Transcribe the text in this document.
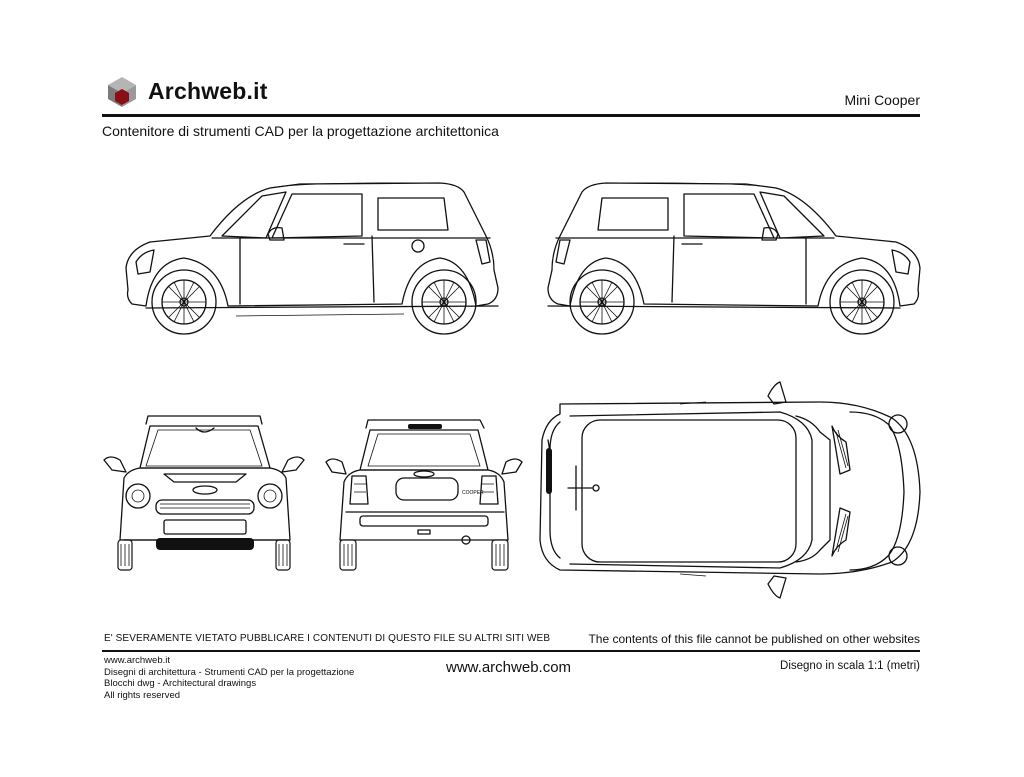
Archweb.it	Mini Cooper
Contenitore di strumenti CAD per la progettazione architettonica
COOPER
E' SEVERAMENTE VIETATO PUBBLICARE I CONTENUTI DI QUESTO FILE SU ALTRI SITI WEB	The contents of this file cannot be published on other websites
www.archweb.it
Disegni di architettura - Strumenti CAD per la progettazione
Blocchi dwg - Architectural drawings
All rights reserved
www.archweb.com	Disegno in scala 1:1 (metri)
